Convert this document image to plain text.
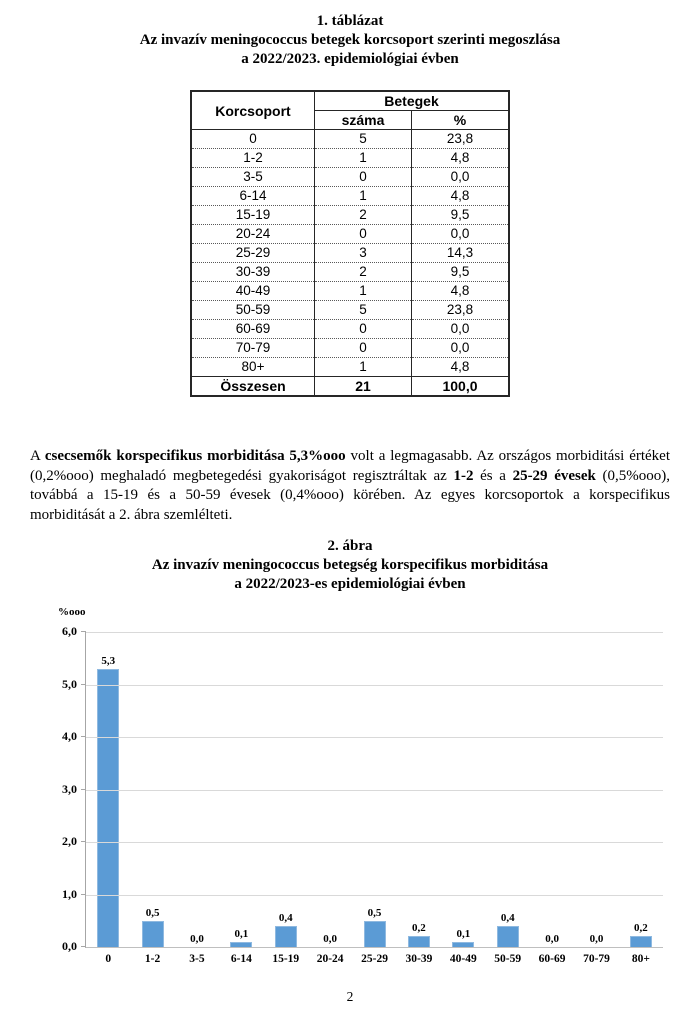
1. táblázat
Az invazív meningococcus betegek korcsoport szerinti megoszlása
a 2022/2023. epidemiológiai évben
Korcsoport	Betegek	
	száma	%
0	5	23,8
1-2	1	4,8
3-5	0	0,0
6-14	1	4,8
15-19	2	9,5
20-24	0	0,0
25-29	3	14,3
30-39	2	9,5
40-49	1	4,8
50-59	5	23,8
60-69	0	0,0
70-79	0	0,0
80+	1	4,8
Összesen	21	100,0

A csecsemők korspecifikus morbiditása 5,3%ooo volt a legmagasabb. Az országos morbiditási értéket (0,2%ooo) meghaladó megbetegedési gyakoriságot regisztráltak az 1-2 és a 25-29 évesek (0,5%ooo), továbbá a 15-19 és a 50-59 évesek (0,4%ooo) körében. Az egyes korcsoportok a korspecifikus morbiditását a 2. ábra szemlélteti.

2. ábra
Az invazív meningococcus betegség korspecifikus morbiditása
a 2022/2023-es epidemiológiai évben
%ooo
5,3
0,5
0,0	0,1
0,4
0,0
0,5
0,2	0,1
0,4
0,0	0,0
0,2
0	1-2	3-5	6-14	15-19	20-24	25-29	30-39	40-49	50-59	60-69	70-79	80+
0,0
1,0
2,0
3,0
4,0
5,0
6,0
2
